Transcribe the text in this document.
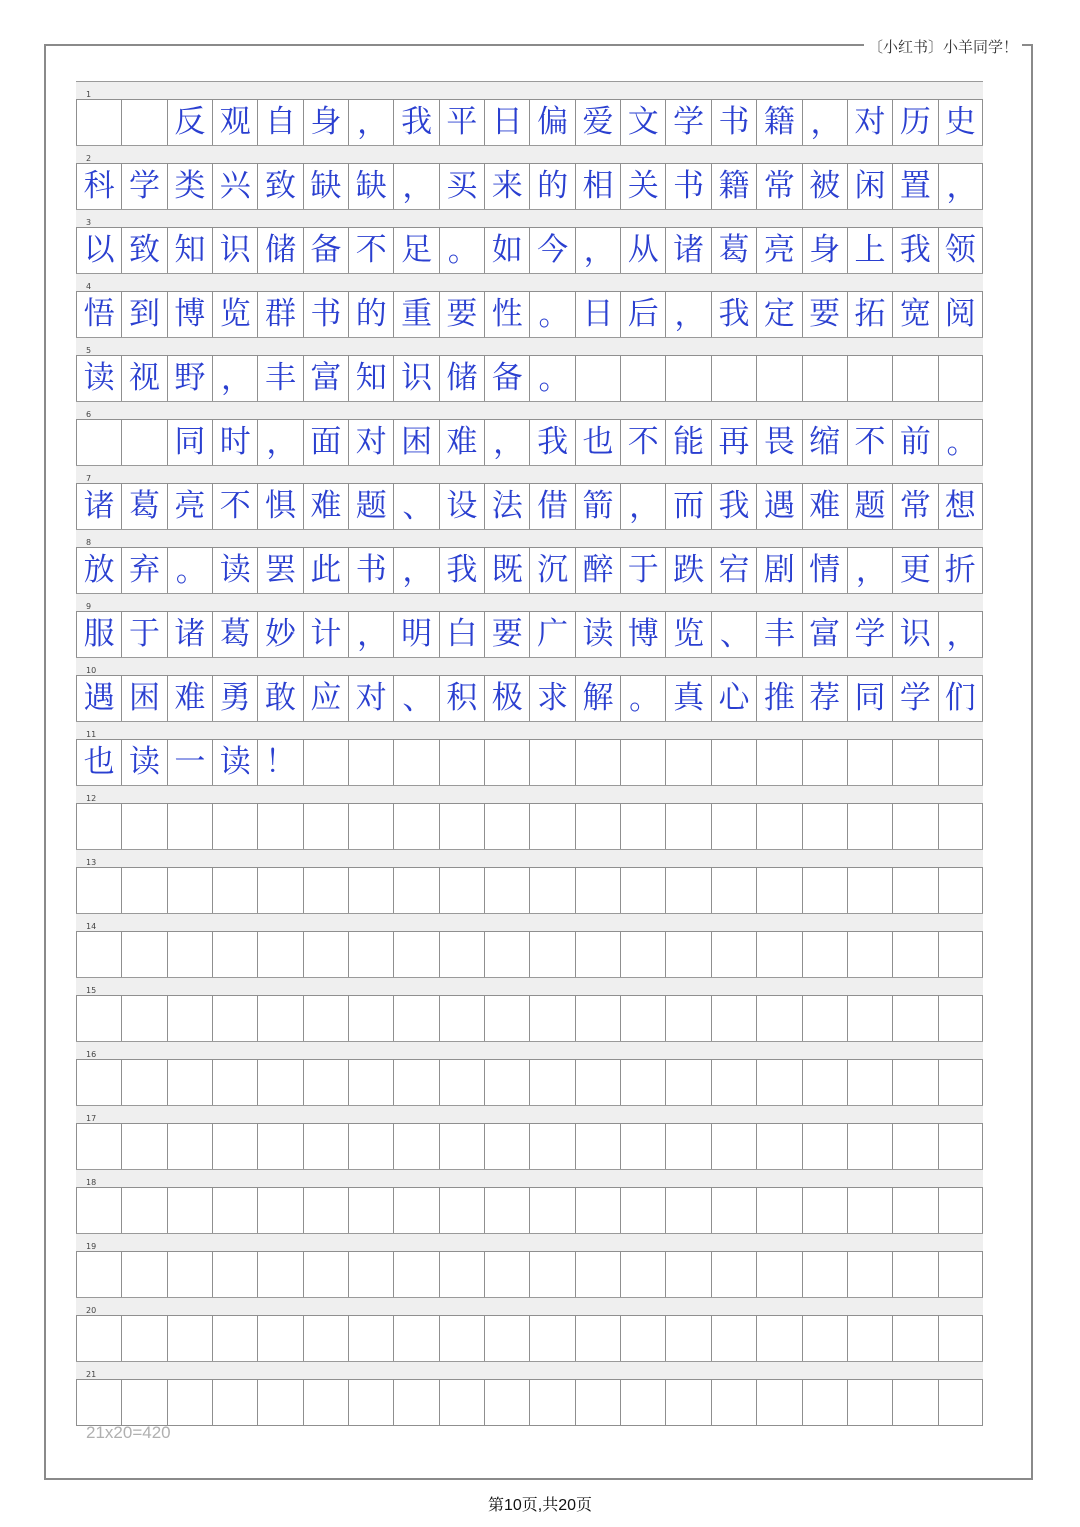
〔小红书〕小羊同学！
1
反 观 自 身 ， 我 平 日 偏 爱 文 学 书 籍 ， 对 历 史
2
科 学 类 兴 致 缺 缺 ， 买 来 的 相 关 书 籍 常 被 闲 置 ，
3
以 致 知 识 储 备 不 足 。 如 今 ， 从 诸 葛 亮 身 上 我 领
4
悟 到 博 览 群 书 的 重 要 性 。 日 后 ， 我 定 要 拓 宽 阅
5
读 视 野 ， 丰 富 知 识 储 备 。
6
同 时 ， 面 对 困 难 ， 我 也 不 能 再 畏 缩 不 前 。
7
诸 葛 亮 不 惧 难 题 、 设 法 借 箭 ， 而 我 遇 难 题 常 想
8
放 弃 。 读 罢 此 书 ， 我 既 沉 醉 于 跌 宕 剧 情 ， 更 折
9
服 于 诸 葛 妙 计 ， 明 白 要 广 读 博 览 、 丰 富 学 识 ，
10
遇 困 难 勇 敢 应 对 、 积 极 求 解 。 真 心 推 荐 同 学 们
11
也 读 一 读 ！
12
13
14
15
16
17
18
19
20
21
21x20=420
第10页,共20页
